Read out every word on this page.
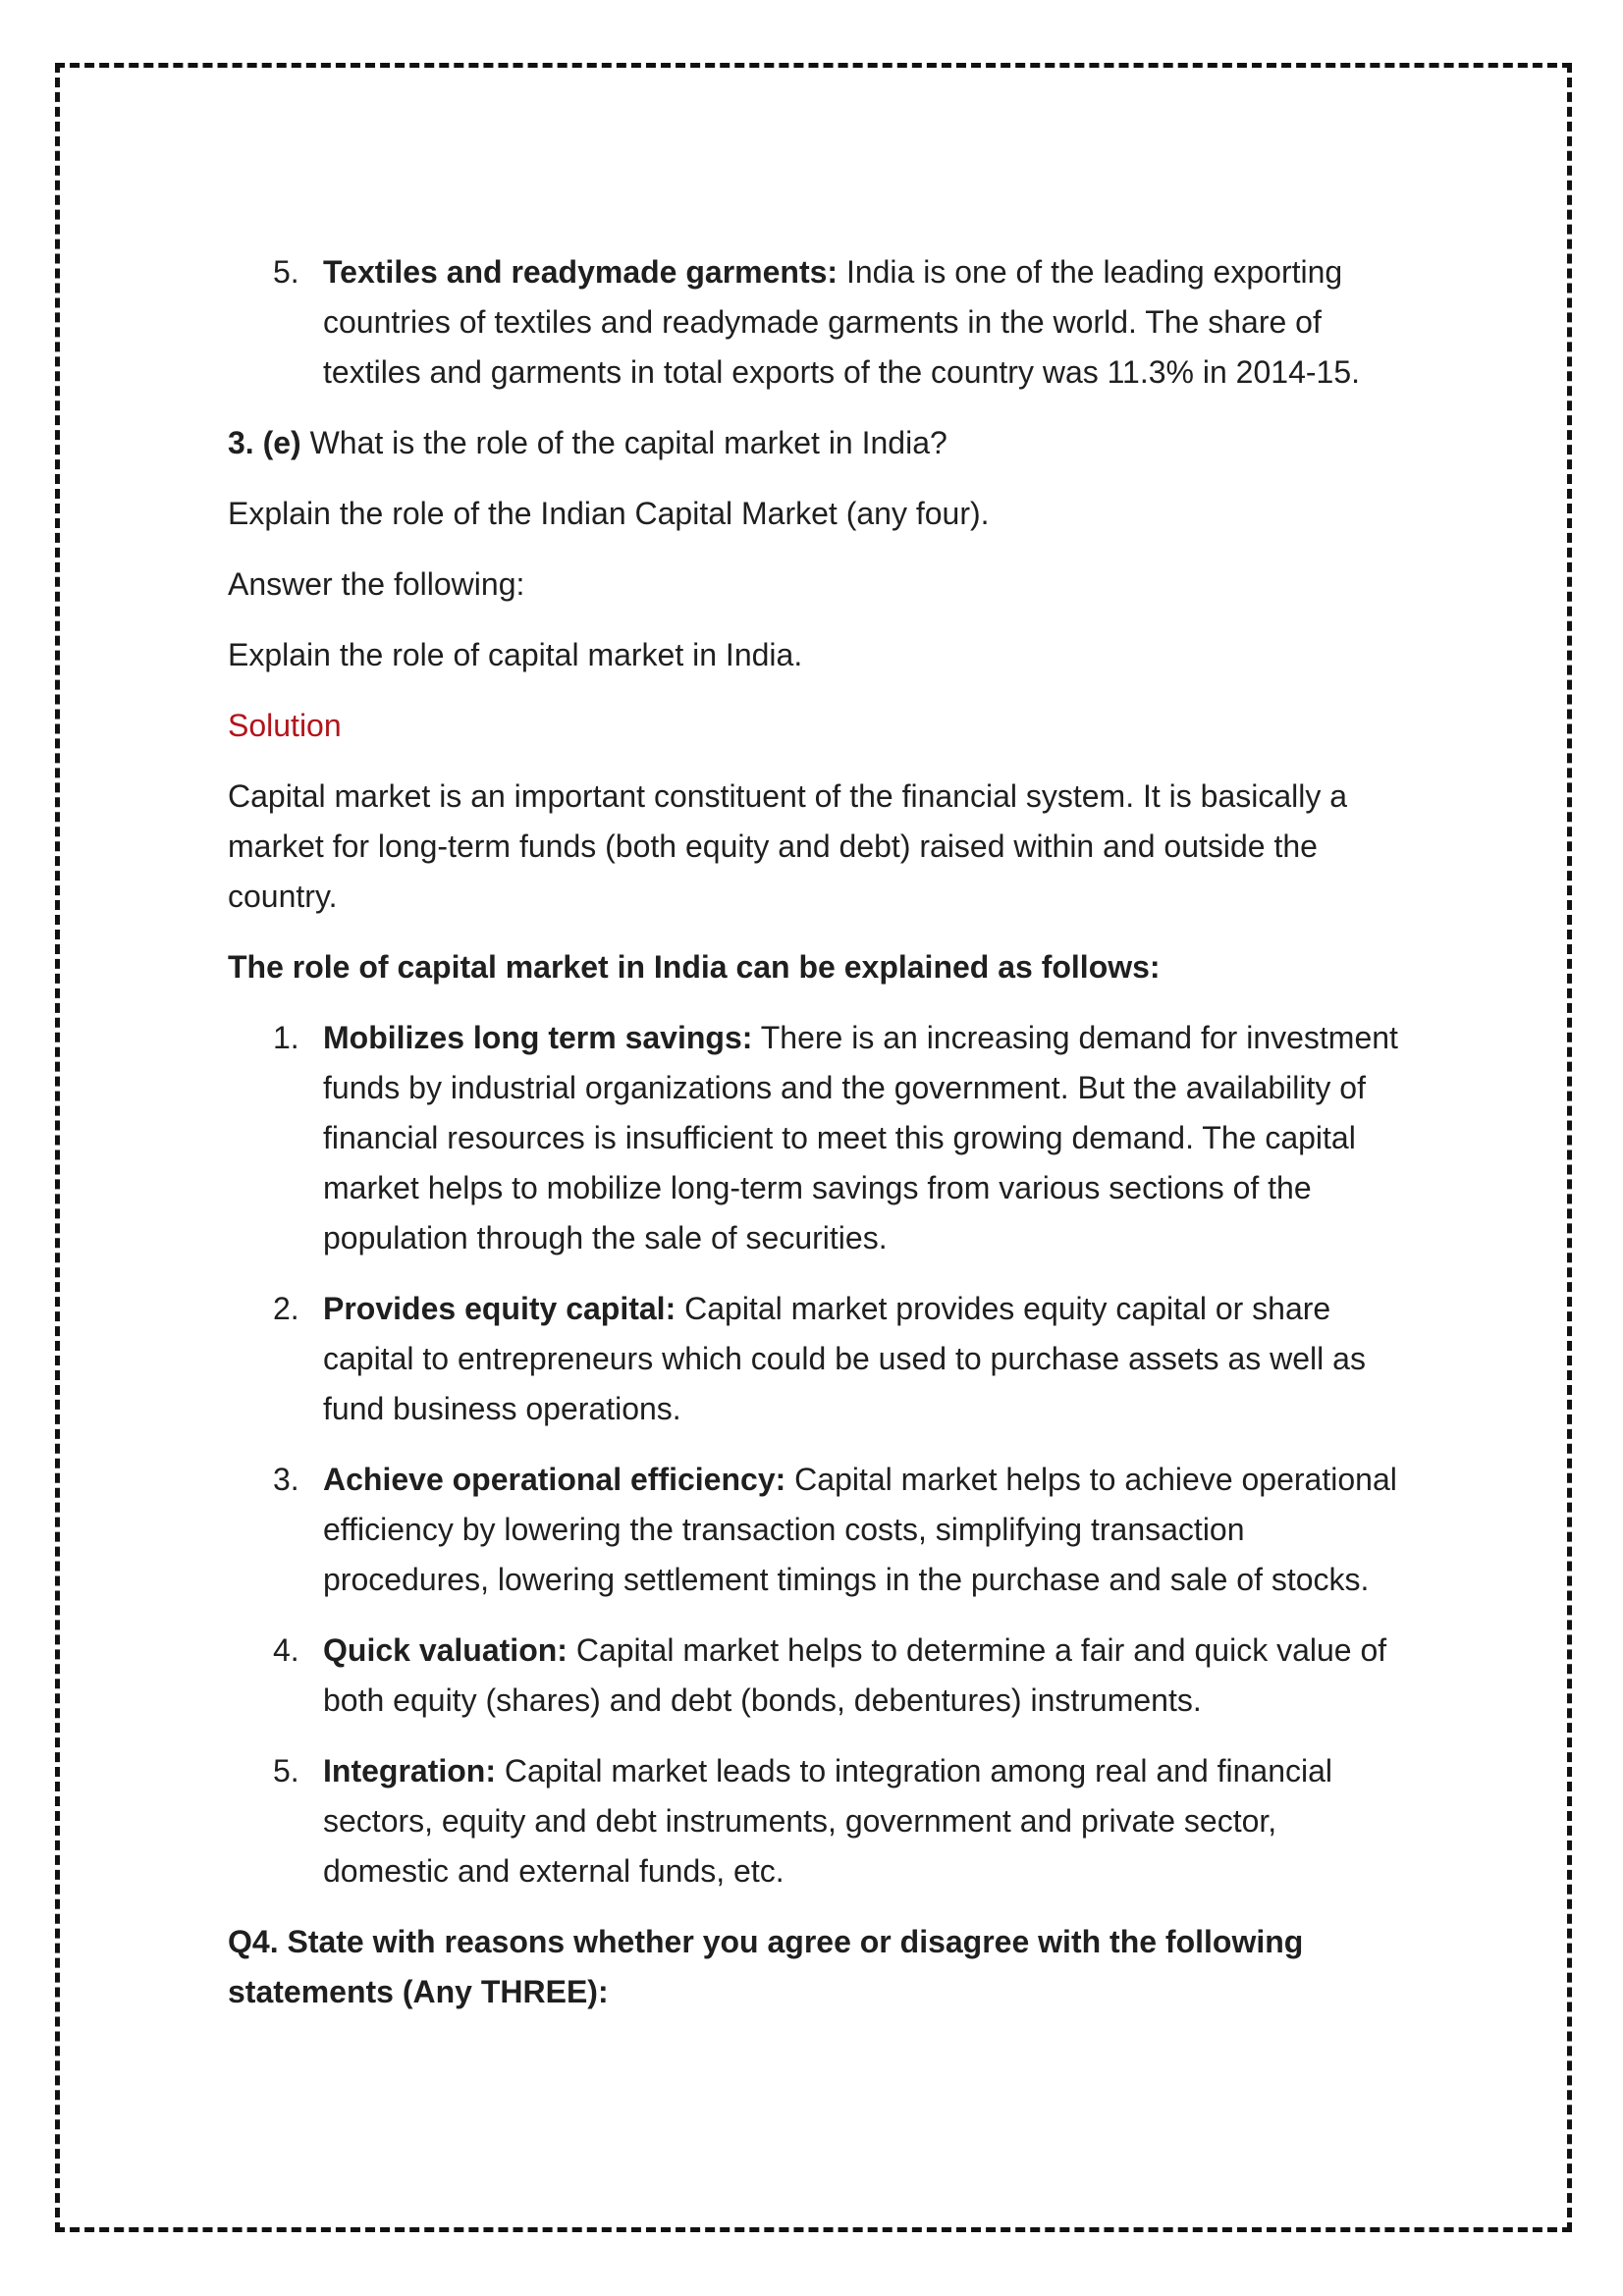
5. Textiles and readymade garments: India is one of the leading exporting countries of textiles and readymade garments in the world. The share of textiles and garments in total exports of the country was 11.3% in 2014-15.

3. (e) What is the role of the capital market in India?

Explain the role of the Indian Capital Market (any four).

Answer the following:

Explain the role of capital market in India.

Solution

Capital market is an important constituent of the financial system. It is basically a market for long-term funds (both equity and debt) raised within and outside the country.

The role of capital market in India can be explained as follows:

1. Mobilizes long term savings: There is an increasing demand for investment funds by industrial organizations and the government. But the availability of financial resources is insufficient to meet this growing demand. The capital market helps to mobilize long-term savings from various sections of the population through the sale of securities.
2. Provides equity capital: Capital market provides equity capital or share capital to entrepreneurs which could be used to purchase assets as well as fund business operations.
3. Achieve operational efficiency: Capital market helps to achieve operational efficiency by lowering the transaction costs, simplifying transaction procedures, lowering settlement timings in the purchase and sale of stocks.
4. Quick valuation: Capital market helps to determine a fair and quick value of both equity (shares) and debt (bonds, debentures) instruments.
5. Integration: Capital market leads to integration among real and financial sectors, equity and debt instruments, government and private sector, domestic and external funds, etc.

Q4. State with reasons whether you agree or disagree with the following statements (Any THREE):
